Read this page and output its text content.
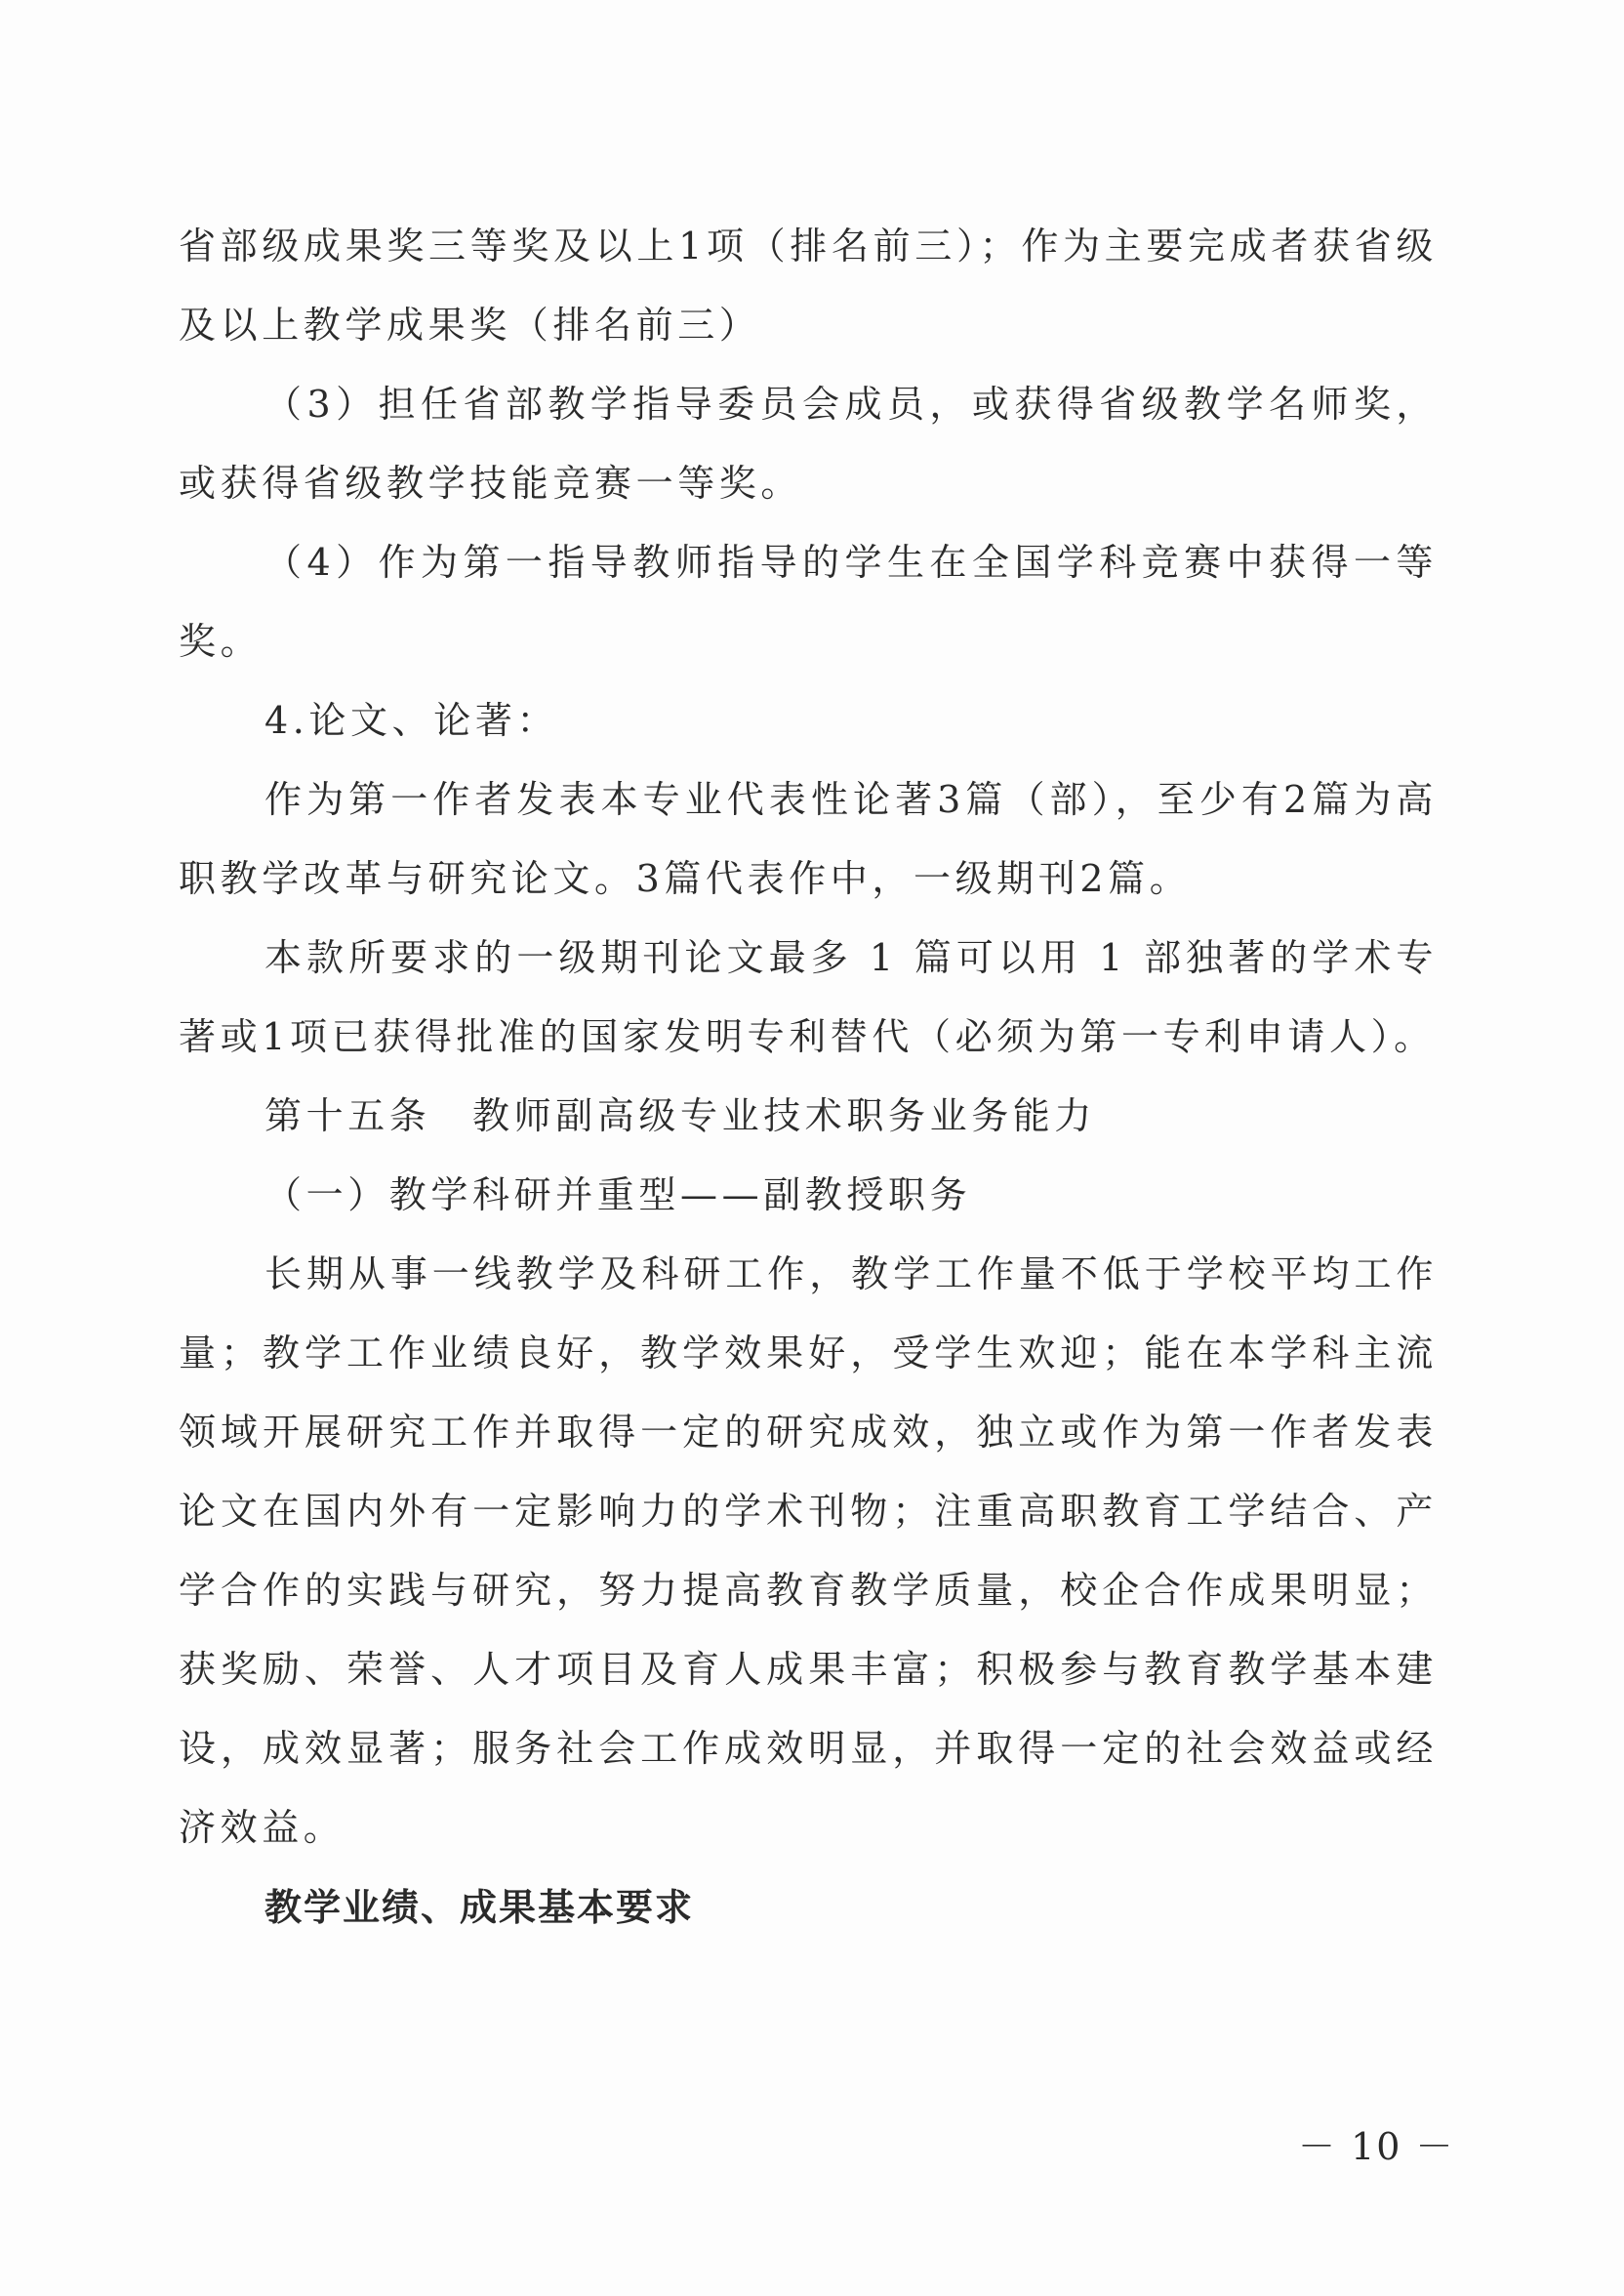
省部级成果奖三等奖及以上1项（排名前三）；作为主要完成者获省级及以上教学成果奖（排名前三）

（3）担任省部教学指导委员会成员，或获得省级教学名师奖，或获得省级教学技能竞赛一等奖。

（4）作为第一指导教师指导的学生在全国学科竞赛中获得一等奖。

4.论文、论著：

作为第一作者发表本专业代表性论著3篇（部），至少有2篇为高职教学改革与研究论文。3篇代表作中，一级期刊2篇。

本款所要求的一级期刊论文最多 1 篇可以用 1 部独著的学术专著或1项已获得批准的国家发明专利替代（必须为第一专利申请人）。

第十五条　教师副高级专业技术职务业务能力

（一）教学科研并重型——副教授职务

长期从事一线教学及科研工作，教学工作量不低于学校平均工作量；教学工作业绩良好，教学效果好，受学生欢迎；能在本学科主流领域开展研究工作并取得一定的研究成效，独立或作为第一作者发表论文在国内外有一定影响力的学术刊物；注重高职教育工学结合、产学合作的实践与研究，努力提高教育教学质量，校企合作成果明显；获奖励、荣誉、人才项目及育人成果丰富；积极参与教育教学基本建设，成效显著；服务社会工作成效明显，并取得一定的社会效益或经济效益。

教学业绩、成果基本要求

－ 10 －
